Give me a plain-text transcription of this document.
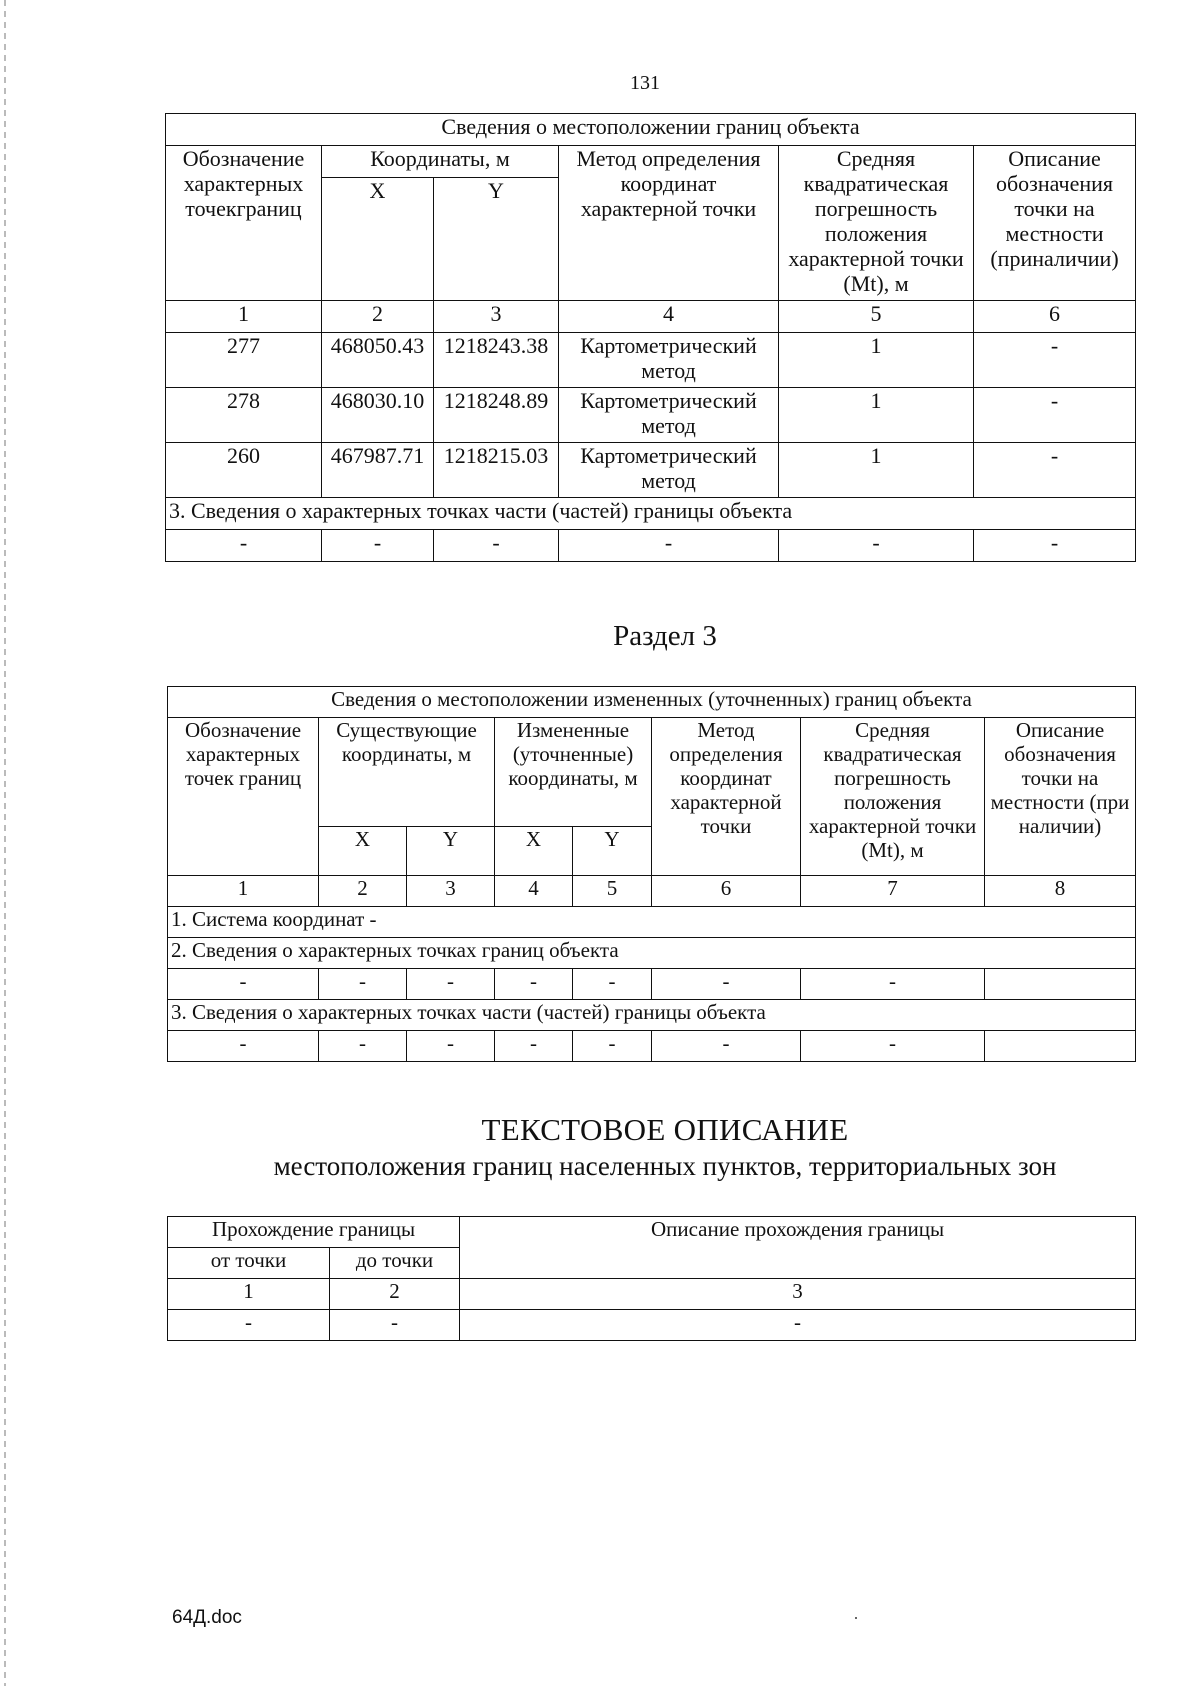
131
Сведения о местоположении границ объекта					
Обозначение характерных точекграниц	Координаты, м		Метод определения координат характерной точки	Средняя квадратическая погрешность положения характерной точки (Mt), м	Описание обозначения точки на местности (приналичии)
	X	Y			
1	2	3	4	5	6
277	468050.43	1218243.38	Картометрический метод	1	-
278	468030.10	1218248.89	Картометрический метод	1	-
260	467987.71	1218215.03	Картометрический метод	1	-
3. Сведения о характерных точках части (частей) границы объекта					
-	-	-	-	-	-
Раздел 3
Сведения о местоположении измененных (уточненных) границ объекта							
Обозначение характерных точек границ	Существующие координаты, м		Измененные (уточненные) координаты, м		Метод определения координат характерной точки	Средняя квадратическая погрешность положения характерной точки (Mt), м	Описание обозначения точки на местности (при наличии)
	X	Y	X	Y			
1	2	3	4	5	6	7	8
1. Система координат -							
2. Сведения о характерных точках границ объекта							
-	-	-	-	-	-	-	
3. Сведения о характерных точках части (частей) границы объекта							
-	-	-	-	-	-	-	
ТЕКСТОВОЕ ОПИСАНИЕ
местоположения границ населенных пунктов, территориальных зон
Прохождение границы		Описание прохождения границы
от точки	до точки	
1	2	3
-	-	-
64Д.doc
